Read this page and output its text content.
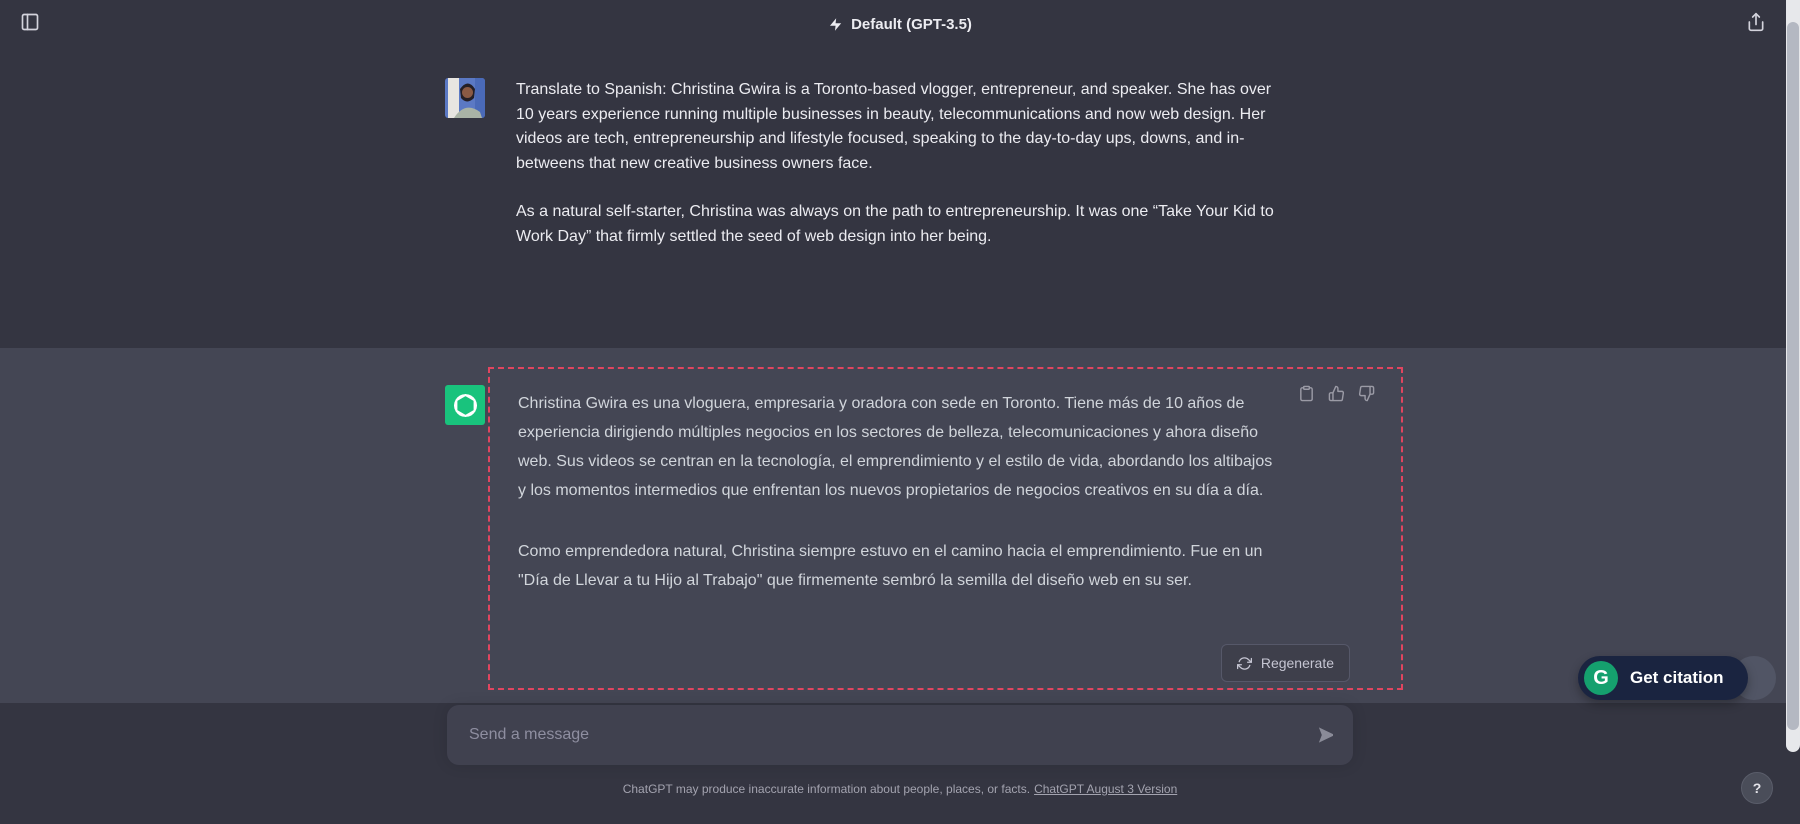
Default (GPT-3.5)

Translate to Spanish: Christina Gwira is a Toronto-based vlogger, entrepreneur, and speaker. She has over 10 years experience running multiple businesses in beauty, telecommunications and now web design. Her videos are tech, entrepreneurship and lifestyle focused, speaking to the day-to-day ups, downs, and in-betweens that new creative business owners face.

As a natural self-starter, Christina was always on the path to entrepreneurship. It was one “Take Your Kid to Work Day” that firmly settled the seed of web design into her being.

Christina Gwira es una vloguera, empresaria y oradora con sede en Toronto. Tiene más de 10 años de experiencia dirigiendo múltiples negocios en los sectores de belleza, telecomunicaciones y ahora diseño web. Sus videos se centran en la tecnología, el emprendimiento y el estilo de vida, abordando los altibajos y los momentos intermedios que enfrentan los nuevos propietarios de negocios creativos en su día a día.

Como emprendedora natural, Christina siempre estuvo en el camino hacia el emprendimiento. Fue en un "Día de Llevar a tu Hijo al Trabajo" que firmemente sembró la semilla del diseño web en su ser.

Regenerate
Send a message
ChatGPT may produce inaccurate information about people, places, or facts. ChatGPT August 3 Version
G	Get citation
?
